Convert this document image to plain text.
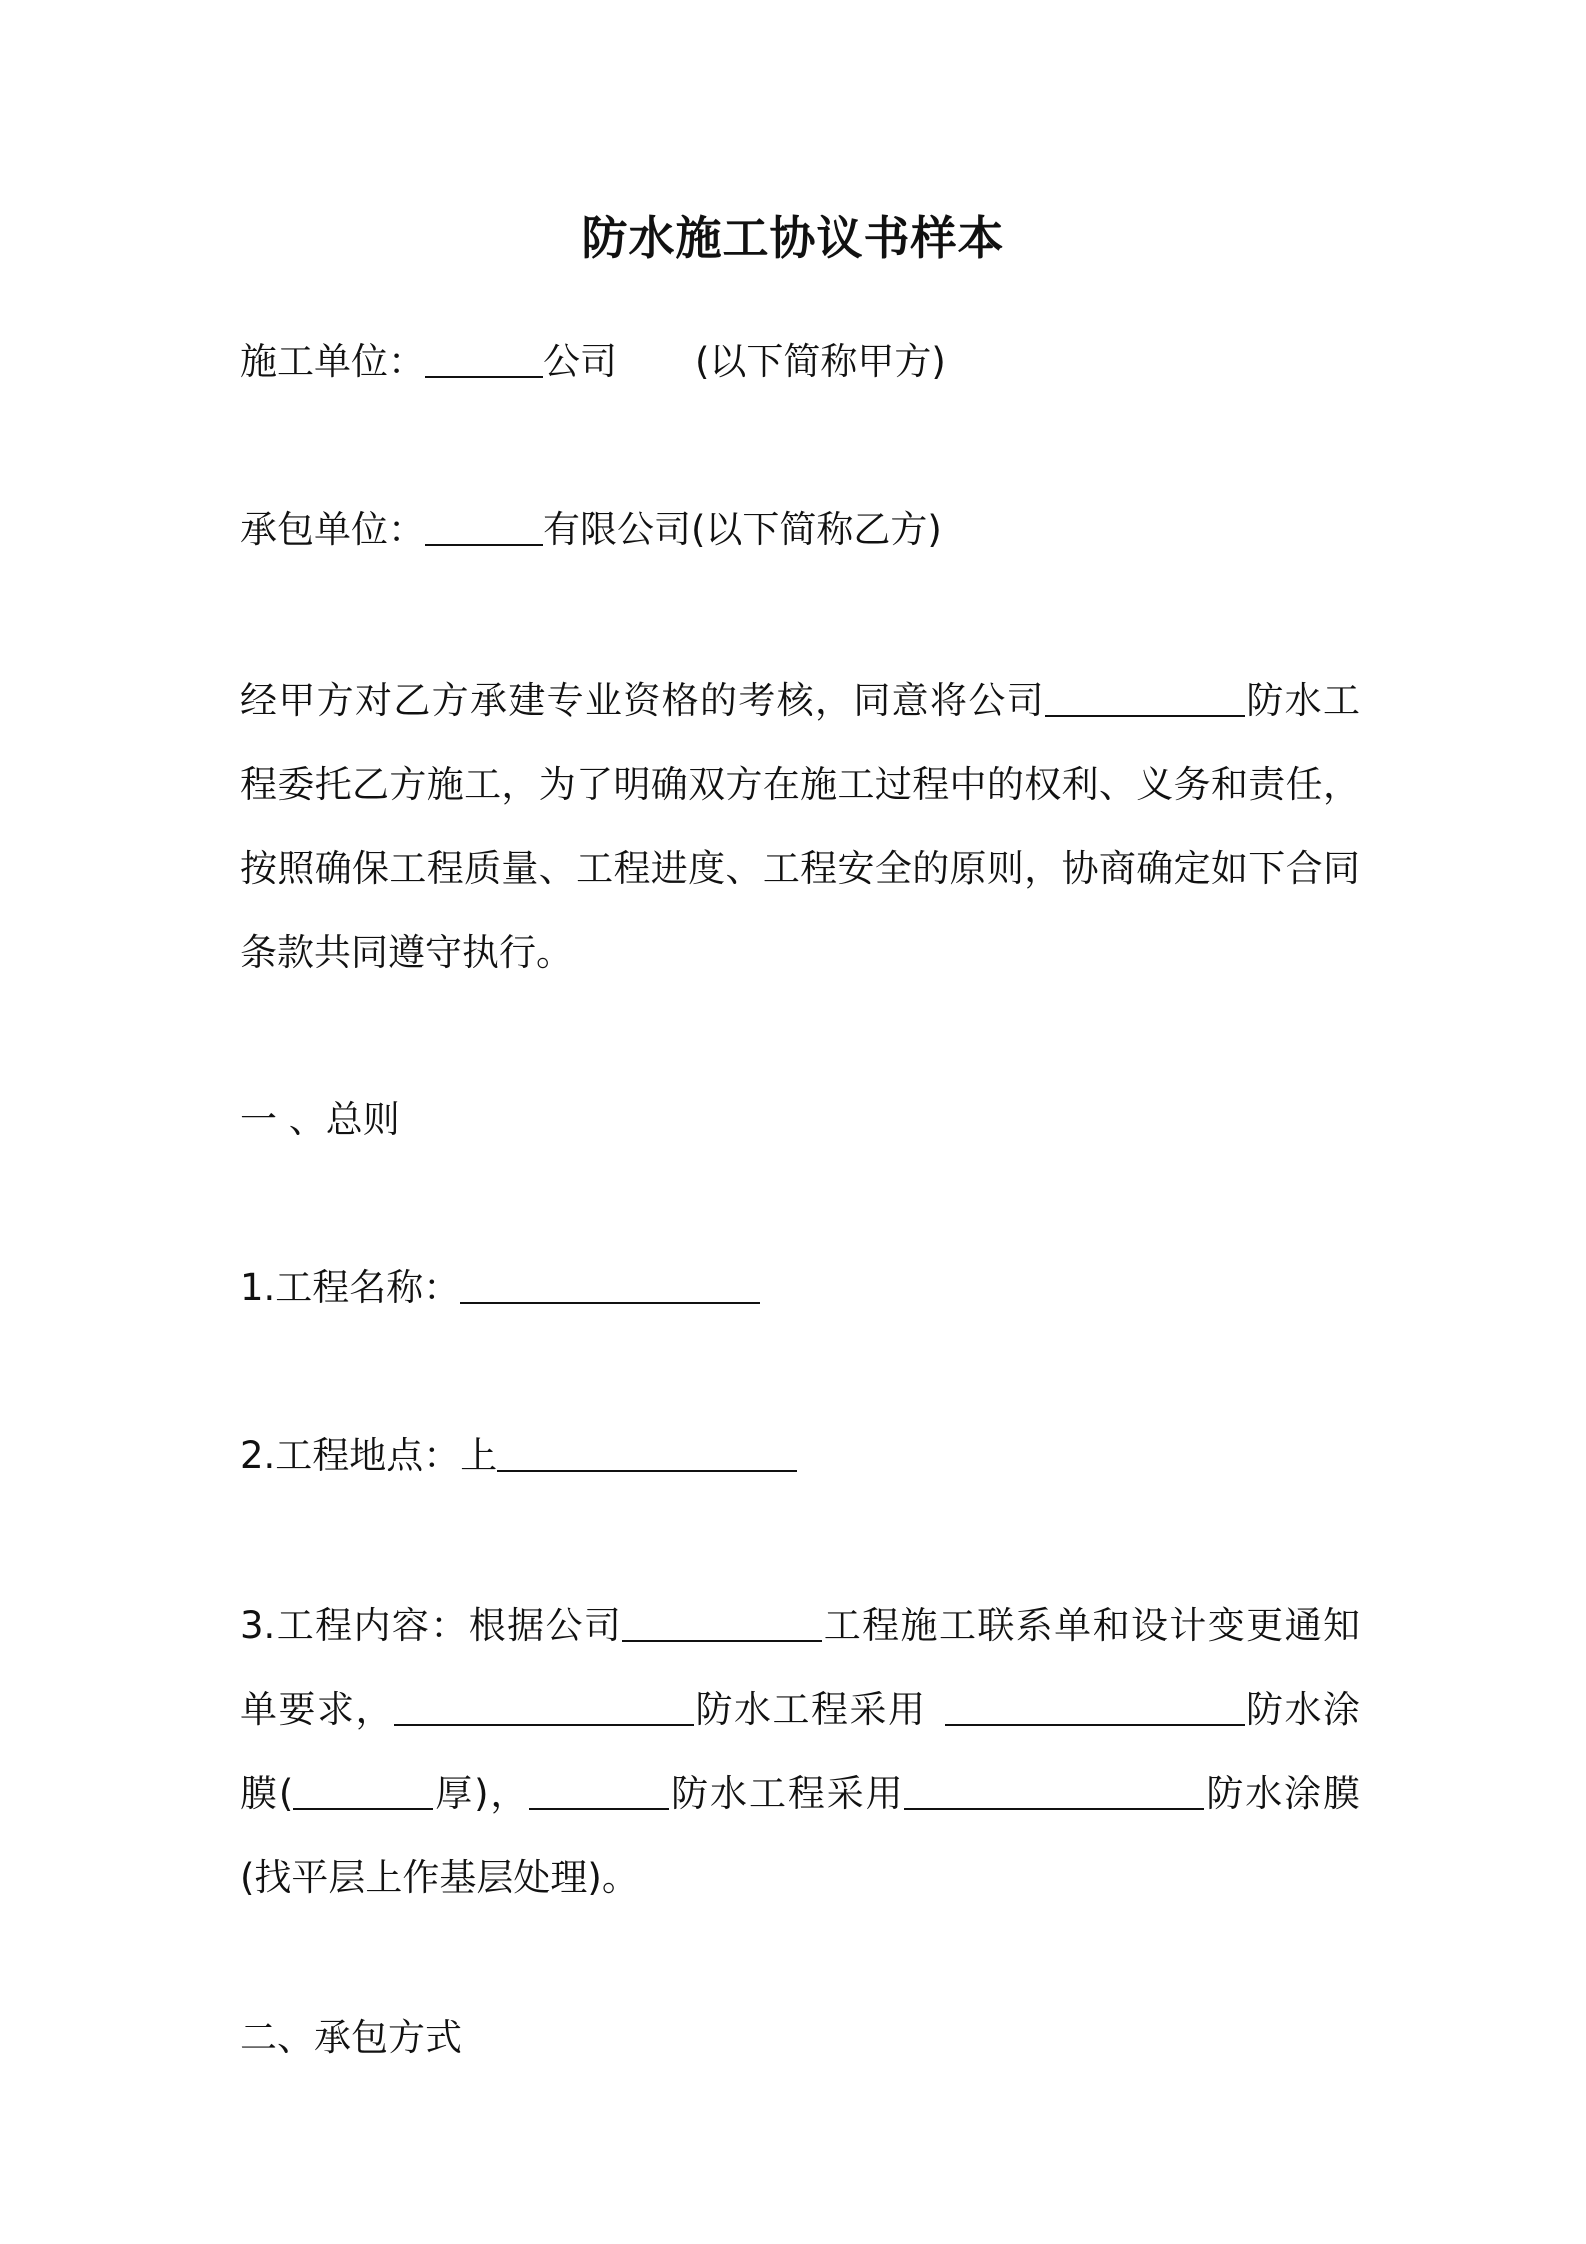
防水施工协议书样本
施工单位：	公司 (以下简称甲方)
承包单位：	有限公司(以下简称乙方)
经甲方对乙方承建专业资格的考核，同意将公司	防水工
程委托乙方施工，为了明确双方在施工过程中的权利、义务和责任，
按照确保工程质量、工程进度、工程安全的原则，协商确定如下合同
条款共同遵守执行。
一 、总则
1.工程名称：
2.工程地点：上
3.工程内容：根据公司	工程施工联系单和设计变更通知
单要求，	防水工程采用	防水涂
膜(	厚)，	防水工程采用	防水涂膜
(找平层上作基层处理)。
二、承包方式
